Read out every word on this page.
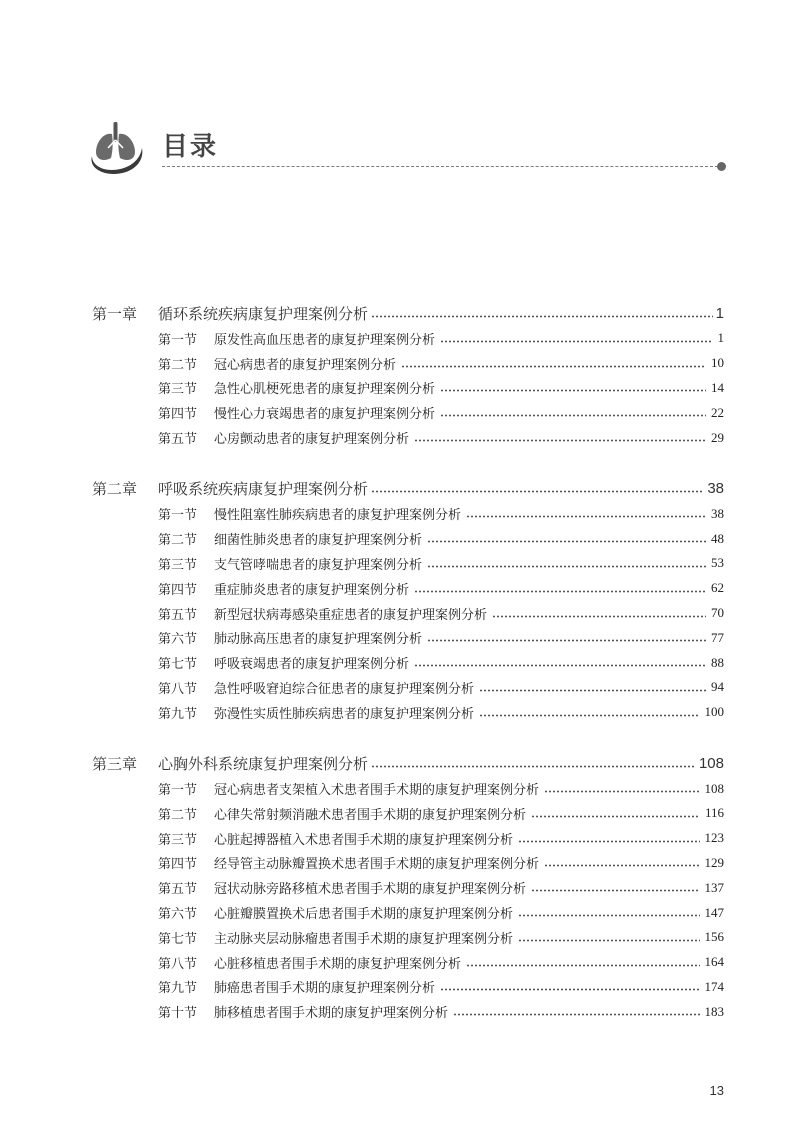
目录
第一章	循环系统疾病康复护理案例分析	1
第一节	原发性高血压患者的康复护理案例分析	1
第二节	冠心病患者的康复护理案例分析	10
第三节	急性心肌梗死患者的康复护理案例分析	14
第四节	慢性心力衰竭患者的康复护理案例分析	22
第五节	心房颤动患者的康复护理案例分析	29
第二章	呼吸系统疾病康复护理案例分析	38
第一节	慢性阻塞性肺疾病患者的康复护理案例分析	38
第二节	细菌性肺炎患者的康复护理案例分析	48
第三节	支气管哮喘患者的康复护理案例分析	53
第四节	重症肺炎患者的康复护理案例分析	62
第五节	新型冠状病毒感染重症患者的康复护理案例分析	70
第六节	肺动脉高压患者的康复护理案例分析	77
第七节	呼吸衰竭患者的康复护理案例分析	88
第八节	急性呼吸窘迫综合征患者的康复护理案例分析	94
第九节	弥漫性实质性肺疾病患者的康复护理案例分析	100
第三章	心胸外科系统康复护理案例分析	108
第一节	冠心病患者支架植入术患者围手术期的康复护理案例分析	108
第二节	心律失常射频消融术患者围手术期的康复护理案例分析	116
第三节	心脏起搏器植入术患者围手术期的康复护理案例分析	123
第四节	经导管主动脉瓣置换术患者围手术期的康复护理案例分析	129
第五节	冠状动脉旁路移植术患者围手术期的康复护理案例分析	137
第六节	心脏瓣膜置换术后患者围手术期的康复护理案例分析	147
第七节	主动脉夹层动脉瘤患者围手术期的康复护理案例分析	156
第八节	心脏移植患者围手术期的康复护理案例分析	164
第九节	肺癌患者围手术期的康复护理案例分析	174
第十节	肺移植患者围手术期的康复护理案例分析	183
13
